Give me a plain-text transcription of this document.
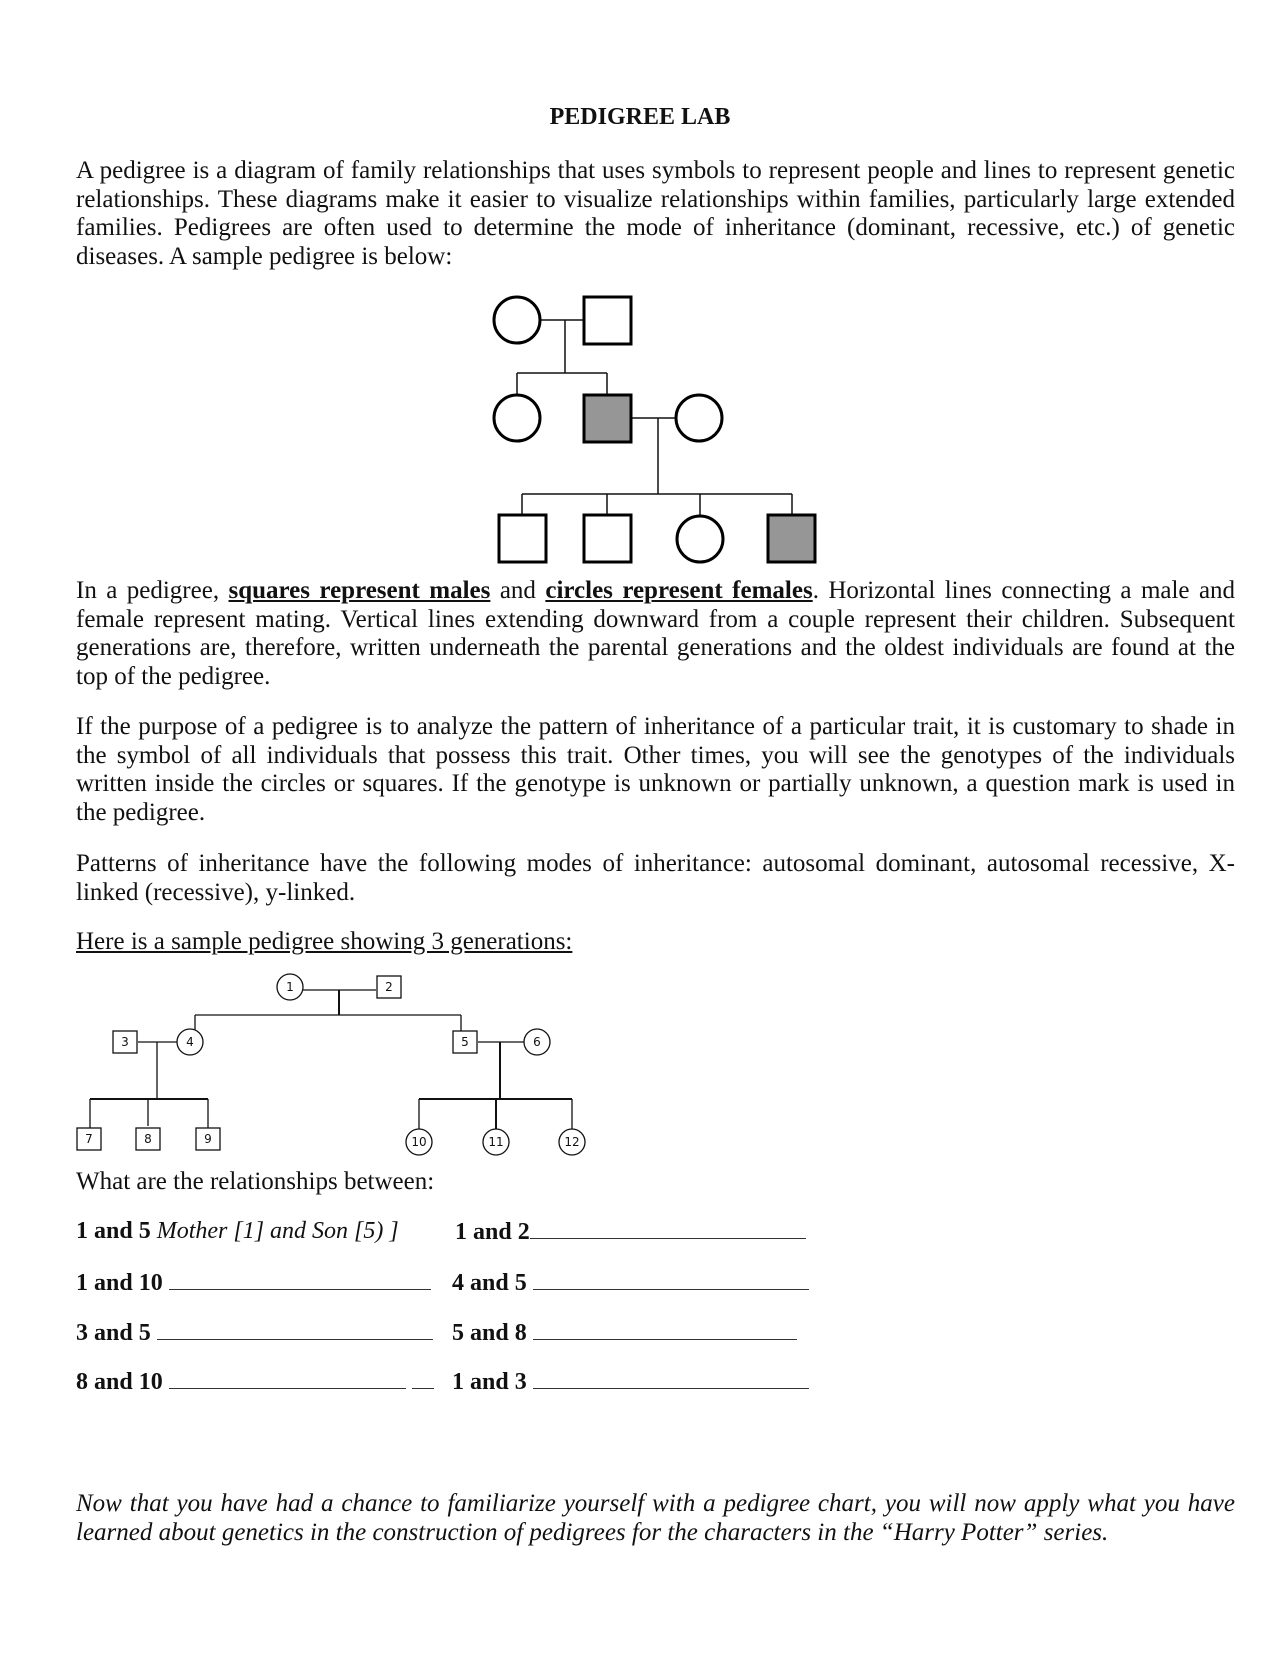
PEDIGREE LAB
A pedigree is a diagram of family relationships that uses symbols to represent people and lines to represent genetic
relationships. These diagrams make it easier to visualize relationships within families, particularly large extended
families. Pedigrees are often used to determine the mode of inheritance (dominant, recessive, etc.) of genetic
diseases. A sample pedigree is below:
In a pedigree, squares represent males and circles represent females. Horizontal lines connecting a male and
female represent mating. Vertical lines extending downward from a couple represent their children. Subsequent
generations are, therefore, written underneath the parental generations and the oldest individuals are found at the
top of the pedigree.
If the purpose of a pedigree is to analyze the pattern of inheritance of a particular trait, it is customary to shade in
the symbol of all individuals that possess this trait. Other times, you will see the genotypes of the individuals
written inside the circles or squares. If the genotype is unknown or partially unknown, a question mark is used in
the pedigree.
Patterns of inheritance have the following modes of inheritance: autosomal dominant, autosomal recessive, X-
linked (recessive), y-linked.
Here is a sample pedigree showing 3 generations:
1	2
3	4	5	6
7	8	9	10	11	12
What are the relationships between:
1 and 5 Mother [1] and Son [5) ] 1 and 2
1 and 10	4 and 5
3 and 5	5 and 8
8 and 10	1 and 3
Now that you have had a chance to familiarize yourself with a pedigree chart, you will now apply what you have
learned about genetics in the construction of pedigrees for the characters in the “Harry Potter” series.
